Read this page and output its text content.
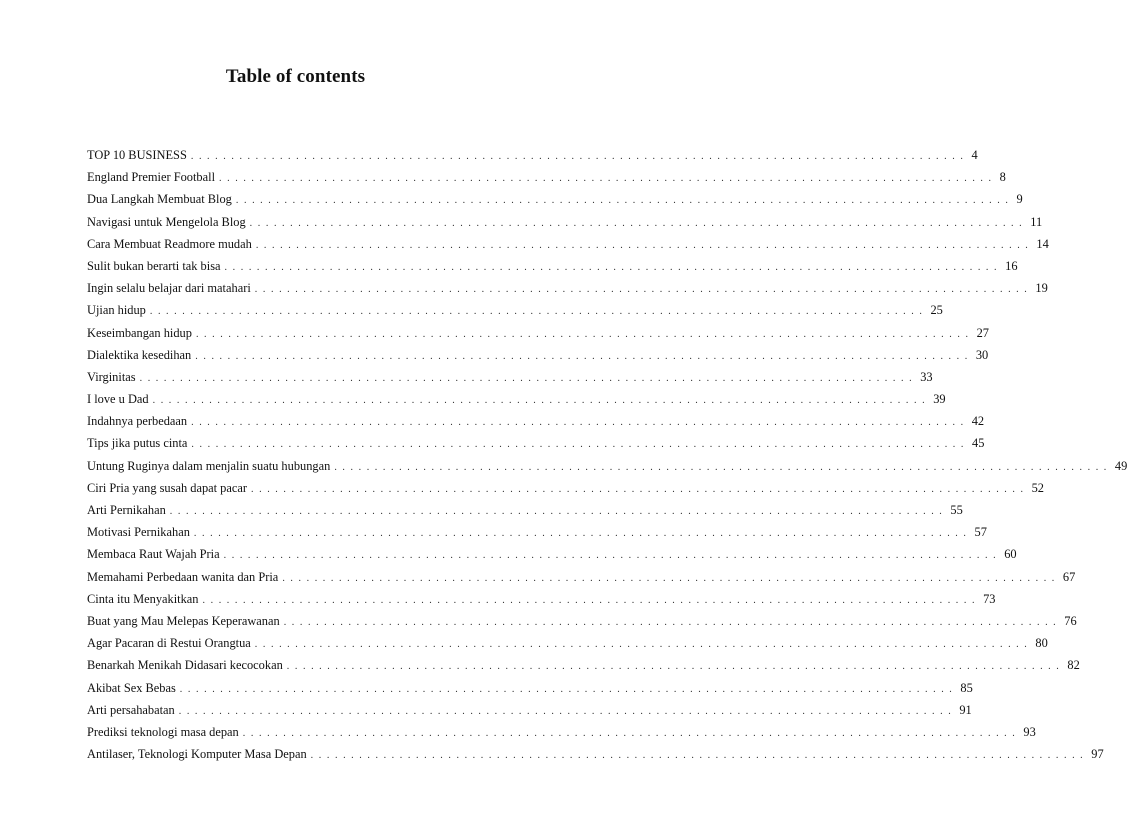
Table of contents
TOP 10 BUSINESS ................................................................................................ 4
England Premier Football ................................................................................................ 8
Dua Langkah Membuat Blog ................................................................................................ 9
Navigasi untuk Mengelola Blog ................................................................................................ 11
Cara Membuat Readmore mudah ................................................................................................ 14
Sulit bukan berarti tak bisa ................................................................................................ 16
Ingin selalu belajar dari matahari ................................................................................................ 19
Ujian hidup ................................................................................................ 25
Keseimbangan hidup ................................................................................................ 27
Dialektika kesedihan ................................................................................................ 30
Virginitas ................................................................................................ 33
I love u Dad ................................................................................................ 39
Indahnya perbedaan ................................................................................................ 42
Tips jika putus cinta ................................................................................................ 45
Untung Ruginya dalam menjalin suatu hubungan ................................................................................................ 49
Ciri Pria yang susah dapat pacar ................................................................................................ 52
Arti Pernikahan ................................................................................................ 55
Motivasi Pernikahan ................................................................................................ 57
Membaca Raut Wajah Pria ................................................................................................ 60
Memahami Perbedaan wanita dan Pria ................................................................................................ 67
Cinta itu Menyakitkan ................................................................................................ 73
Buat yang Mau Melepas Keperawanan ................................................................................................ 76
Agar Pacaran di Restui Orangtua ................................................................................................ 80
Benarkah Menikah Didasari kecocokan ................................................................................................ 82
Akibat Sex Bebas ................................................................................................ 85
Arti persahabatan ................................................................................................ 91
Prediksi teknologi masa depan ................................................................................................ 93
Antilaser, Teknologi Komputer Masa Depan ................................................................................................ 97
